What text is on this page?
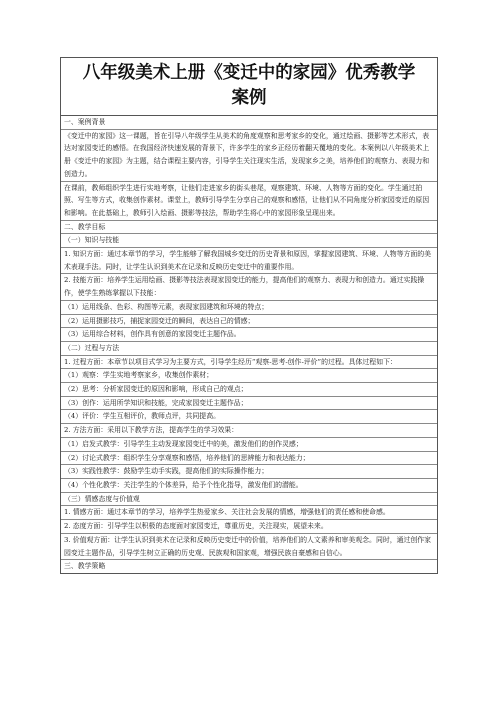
八年级美术上册《变迁中的家园》优秀教学
案例
一、案例背景
《变迁中的家园》这一课题，旨在引导八年级学生从美术的角度观察和思考家乡的变化，通过绘画、摄影等艺术形式，表达对家园变迁的感悟。在我国经济快速发展的背景下，许多学生的家乡正经历着翻天覆地的变化。本案例以八年级美术上册《变迁中的家园》为主题，结合课程主要内容，引导学生关注现实生活，发现家乡之美，培养他们的观察力、表现力和创造力。
在课前，教师组织学生进行实地考察，让他们走进家乡的街头巷尾，观察建筑、环境、人物等方面的变化。学生通过拍照、写生等方式，收集创作素材。课堂上，教师引导学生分享自己的观察和感悟，让他们从不同角度分析家园变迁的原因和影响。在此基础上，教师引入绘画、摄影等技法，帮助学生将心中的家园形象呈现出来。
二、教学目标
（一）知识与技能
1. 知识方面：通过本章节的学习，学生能够了解我国城乡变迁的历史背景和原因，掌握家园建筑、环境、人物等方面的美术表现手法。同时，让学生认识到美术在记录和反映历史变迁中的重要作用。
2. 技能方面：培养学生运用绘画、摄影等技法表现家园变迁的能力，提高他们的观察力、表现力和创造力。通过实践操作，使学生熟练掌握以下技能：
（1）运用线条、色彩、构图等元素，表现家园建筑和环境的特点；
（2）运用摄影技巧，捕捉家园变迁的瞬间，表达自己的情感；
（3）运用综合材料，创作具有创意的家园变迁主题作品。
（二）过程与方法
1. 过程方面：本章节以项目式学习为主要方式，引导学生经历“观察-思考-创作-评价”的过程。具体过程如下：
（1）观察：学生实地考察家乡，收集创作素材；
（2）思考：分析家园变迁的原因和影响，形成自己的观点；
（3）创作：运用所学知识和技能，完成家园变迁主题作品；
（4）评价：学生互相评价，教师点评，共同提高。
2. 方法方面：采用以下教学方法，提高学生的学习效果：
（1）启发式教学：引导学生主动发现家园变迁中的美，激发他们的创作灵感；
（2）讨论式教学：组织学生分享观察和感悟，培养他们的思辨能力和表达能力；
（3）实践性教学：鼓励学生动手实践，提高他们的实际操作能力；
（4）个性化教学：关注学生的个体差异，给予个性化指导，激发他们的潜能。
（三）情感态度与价值观
1. 情感方面：通过本章节的学习，培养学生热爱家乡、关注社会发展的情感，增强他们的责任感和使命感。
2. 态度方面：引导学生以积极的态度面对家园变迁，尊重历史，关注现实，展望未来。
3. 价值观方面：让学生认识到美术在记录和反映历史变迁中的价值，培养他们的人文素养和审美观念。同时，通过创作家园变迁主题作品，引导学生树立正确的历史观、民族观和国家观，增强民族自豪感和自信心。
三、教学策略
